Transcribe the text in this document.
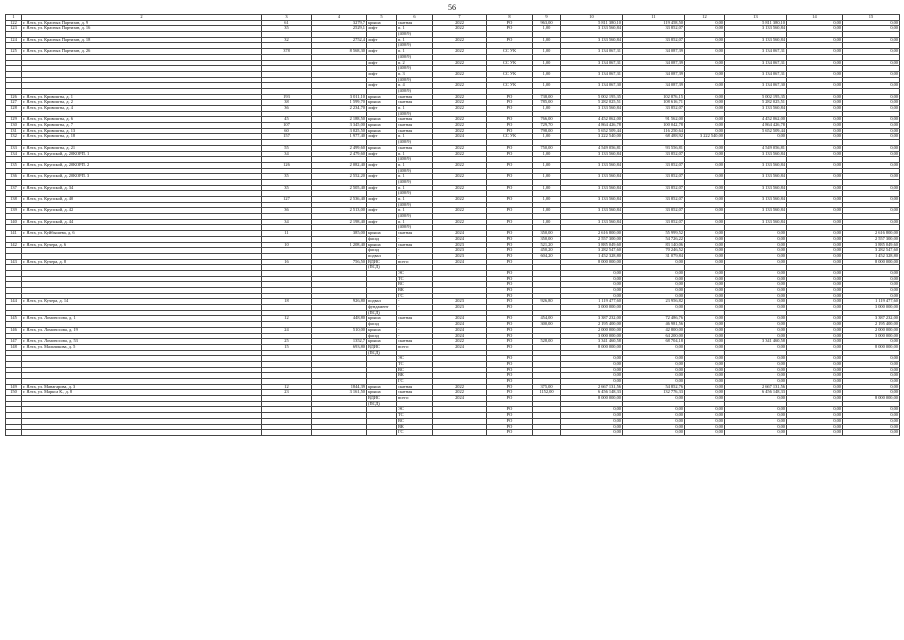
56
1	2	3	4	5	6	7	8	9	10	11	12	13	14	15
122	г. Ялта, ул. Красных Партизан, д. 9	61	3279,7	крыша	скатная	2022	РО	963,00	5 811 380,10	119 458,50	0,00	5 811 380,10	0,00	0,00
123	г. Ялта, ул. Красных Партизан, д. 16	35	2529,1	лифт	п. 1	2022	РО	1,00	3 133 560,84	33 852,07	0,00	3 133 560,84	0,00	0,00
					(400/9)									
124	г. Ялта, ул. Красных Партизан, д. 18	32	2752,4	лифт	п. 1	2022	РО	1,00	3 133 560,84	33 852,07	0,00	3 133 560,84	0,00	0,00
					(400/9)									
125	г. Ялта, ул. Красных Партизан, д. 26	378	8 568,30	лифт	п. 1	2022	СС УК	1,00	3 134 067,31	34 087,39	0,00	3 134 067,31	0,00	0,00
					(400/9)									
				лифт	п. 2	2022	СС УК	1,00	3 134 067,31	34 087,39	0,00	3 134 067,31	0,00	0,00
					(400/9)									
				лифт	п. 3	2022	СС УК	1,00	3 134 067,31	34 087,39	0,00	3 134 067,31	0,00	0,00
					(400/9)									
				лифт	п. 4	2022	СС УК	1,00	3 134 067,30	34 087,39	0,00	3 134 067,30	0,00	0,00
					(400/9)									
126	г. Ялта, ул. Кривошты, д. 1	193	3 011,10	крыша	скатная	2022	РО	738,00	5 002 195,35	102 876,15	0,00	5 002 195,35	0,00	0,00
127	г. Ялта, ул. Кривошты, д. 2	38	1 599,70	крыша	скатная	2022	РО	785,00	5 282 025,51	108 616,71	0,00	5 282 025,51	0,00	0,00
128	г. Ялта, ул. Кривошты, д. 4	36	2 234,70	лифт	п. 1	2022	РО	1,00	3 133 560,84	33 852,07	0,00	3 133 560,84	0,00	0,00
					(400/9)									
129	г. Ялта, ул. Кривошты, д. 6	45	2 188,50	крыша	скатная	2022	РО	766,00	4 452 062,00	91 562,00	0,00	4 452 062,00	0,00	0,00
130	г. Ялта, ул. Кривошты, д. 7	107	3 345,00	крыша	скатная	2022	РО	729,70	4 864 426,78	100 042,78	0,00	4 864 426,78	0,00	0,00
131	г. Ялта, ул. Кривошты, д. 13	60	3 025,50	крыша	скатная	2022	РО	798,00	5 652 509,44	116 250,64	0,00	5 652 509,44	0,00	0,00
132	г. Ялта, ул. Кривошты, д. 18	157	1 977,40	лифт	п. 1	2024	СС УК	1,00	3 222 540,00	68 488,92	3 222 540,00	0,00	0,00	0,00
					(400/9)									
133	г. Ялта, ул. Кривошты, д. 21	55	2 499,60	крыша	скатная	2022	РО	750,00	4 549 056,81	93 556,81	0,00	4 549 056,81	0,00	0,00
134	г. Ялта, ул. Крупской, д. 20КОРП. 1	34	2 479,60	лифт	п. 1	2022	РО	1,00	3 133 560,84	33 852,07	0,00	3 133 560,84	0,00	0,00
					(400/9)									
135	г. Ялта, ул. Крупской, д. 20КОРП. 2	126	2 082,40	лифт	п. 1	2022	РО	1,00	3 133 560,84	33 852,07	0,00	3 133 560,84	0,00	0,00
					(400/9)									
136	г. Ялта, ул. Крупской, д. 20КОРП. 3	35	2 552,20	лифт	п. 1	2022	РО	1,00	3 133 560,84	33 852,07	0,00	3 133 560,84	0,00	0,00
					(400/9)									
137	г. Ялта, ул. Крупской, д. 34	35	2 505,40	лифт	п. 1	2022	РО	1,00	3 133 560,84	33 852,07	0,00	3 133 560,84	0,00	0,00
					(400/9)									
138	г. Ялта, ул. Крупской, д. 40	127	2 536,40	лифт	п. 1	2022	РО	1,00	3 133 560,84	33 852,07	0,00	3 133 560,84	0,00	0,00
					(400/9)									
139	г. Ялта, ул. Крупской, д. 42	36	2 513,00	лифт	п. 1	2022	РО	1,00	3 133 560,84	33 852,07	0,00	3 133 560,84	0,00	0,00
					(400/9)									
140	г. Ялта, ул. Крупской, д. 44	34	2 198,40	лифт	п. 1	2022	РО	1,00	3 133 560,84	33 852,07	0,00	3 133 560,84	0,00	0,00
					(400/9)									
141	г. Ялта, ул. Куйбышева, д. 6	11	385,00	крыша	скатная	2024	РО	350,00	2 616 800,00	55 999,52	0,00	0,00	0,00	2 616 800,00
				фасад	-	2024	РО	350,00	2 557 300,00	54 726,22	0,00	0,00	0,00	2 557 300,00
142	г. Ялта, ул. Кучера, д. 6	10	1 208,40	крыша	скатная	2023	РО	521,20	3 885 049,60	83 140,06	0,00	0,00	0,00	3 885 049,60
				фасад	-	2023	РО	450,20	3 282 547,60	70 246,52	0,00	0,00	0,00	3 282 547,60
				подвал	-	2023	РО	604,20	1 452 328,80	31 079,84	0,00	0,00	0,00	1 452 328,80
143	г. Ялта, ул. Кучера, д. 8	16	756,50	ВДИС	всего:	2024	РО		8 000 000,00	0,00	0,00	0,00	0,00	8 000 000,00
				(ПСД)										
					ЭС		РО		0,00	0,00	0,00	0,00	0,00	0,00
					ТС		РО		0,00	0,00	0,00	0,00	0,00	0,00
					ВС		РО		0,00	0,00	0,00	0,00	0,00	0,00
					ВК		РО		0,00	0,00	0,00	0,00	0,00	0,00
					ГС		РО		0,00	0,00	0,00	0,00	0,00	0,00
144	г. Ялта, ул. Кучера, д. 14	18	926,80	подвал	-	2023	РО	926,80	1 119 477,60	23 956,82	0,00	0,00	0,00	1 119 477,60
				фундамент	-	2023	РО		3 000 000,00	0,00	0,00	0,00	0,00	3 000 000,00
				(ПСД)										
145	г. Ялта, ул. Ломоносова, д. 1	12	448,80	крыша	скатная	2024	РО	454,00	3 387 232,00	72 486,76	0,00	0,00	0,00	3 387 232,00
				фасад	-	2024	РО	300,00	2 195 400,00	46 981,56	0,00	0,00	0,00	2 195 400,00
146	г. Ялта, ул. Ломоносова, д. 19	24	510,00	крыша	-	2024	РО		2 000 000,00	42 800,00	0,00	0,00	0,00	2 000 000,00
				фасад	-	2024	РО		3 000 000,00	64 200,00	0,00	0,00	0,00	3 000 000,00
147	г. Ялта, ул. Ломоносова, д. 53	25	1352,7	крыша	скатная	2022	РО	528,00	3 341 460,58	68 704,18	0,00	3 341 460,58	0,00	0,00
148	г. Ялта, ул. Мальчикова, д. 5	15	693,80	ВДИС	всего:	2024	РО		8 000 000,00	0,00	0,00	0,00	0,00	8 000 000,00
				(ПСД)										
					ЭС		РО		0,00	0,00	0,00	0,00	0,00	0,00
					ТС		РО		0,00	0,00	0,00	0,00	0,00	0,00
					ВС		РО		0,00	0,00	0,00	0,00	0,00	0,00
					ВК		РО		0,00	0,00	0,00	0,00	0,00	0,00
					ГС		РО		0,00	0,00	0,00	0,00	0,00	0,00
149	г. Ялта, ул. Манагарова, д. 3	12	1844,39	крыша	скатная	2022	РО	375,00	2 667 131,56	54 852,76	0,00	2 667 131,56	0,00	0,00
150	г. Ялта, ул. Маркса К., д. 8	23	3 161,50	крыша	скатная	2022	РО	1152,00	6 456 148,33	132 776,33	0,00	6 456 148,33	0,00	0,00
				ВДИС	всего:	2024	РО		8 000 000,00	0,00	0,00	0,00	0,00	8 000 000,00
				(ПСД)										
					ЭС		РО		0,00	0,00	0,00	0,00	0,00	0,00
					ТС		РО		0,00	0,00	0,00	0,00	0,00	0,00
					ВС		РО		0,00	0,00	0,00	0,00	0,00	0,00
					ВК		РО		0,00	0,00	0,00	0,00	0,00	0,00
					ГС		РО		0,00	0,00	0,00	0,00	0,00	0,00
